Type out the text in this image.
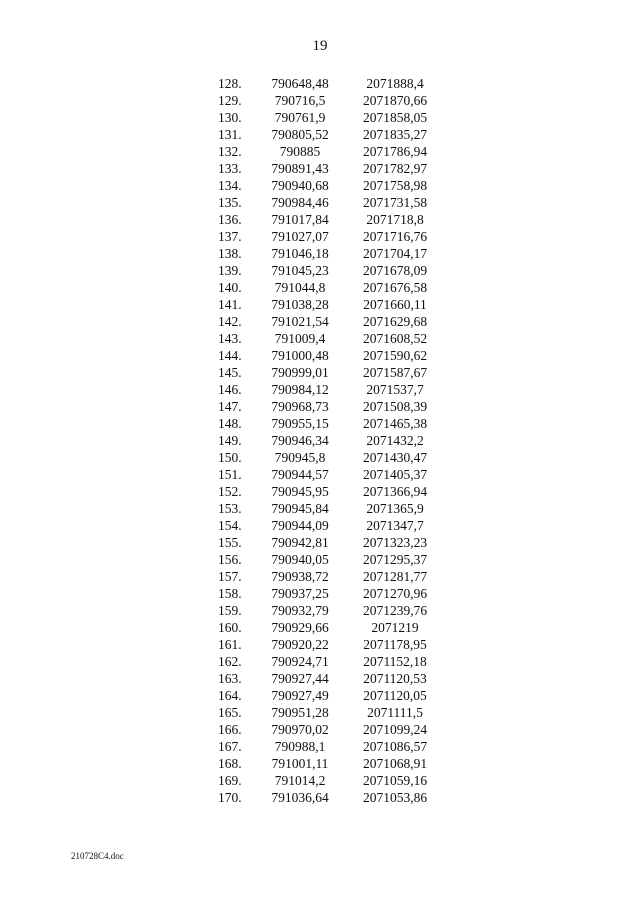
19
128.	790648,48	2071888,4
129.	790716,5	2071870,66
130.	790761,9	2071858,05
131.	790805,52	2071835,27
132.	790885	2071786,94
133.	790891,43	2071782,97
134.	790940,68	2071758,98
135.	790984,46	2071731,58
136.	791017,84	2071718,8
137.	791027,07	2071716,76
138.	791046,18	2071704,17
139.	791045,23	2071678,09
140.	791044,8	2071676,58
141.	791038,28	2071660,11
142.	791021,54	2071629,68
143.	791009,4	2071608,52
144.	791000,48	2071590,62
145.	790999,01	2071587,67
146.	790984,12	2071537,7
147.	790968,73	2071508,39
148.	790955,15	2071465,38
149.	790946,34	2071432,2
150.	790945,8	2071430,47
151.	790944,57	2071405,37
152.	790945,95	2071366,94
153.	790945,84	2071365,9
154.	790944,09	2071347,7
155.	790942,81	2071323,23
156.	790940,05	2071295,37
157.	790938,72	2071281,77
158.	790937,25	2071270,96
159.	790932,79	2071239,76
160.	790929,66	2071219
161.	790920,22	2071178,95
162.	790924,71	2071152,18
163.	790927,44	2071120,53
164.	790927,49	2071120,05
165.	790951,28	2071111,5
166.	790970,02	2071099,24
167.	790988,1	2071086,57
168.	791001,11	2071068,91
169.	791014,2	2071059,16
170.	791036,64	2071053,86
210728C4.doc
